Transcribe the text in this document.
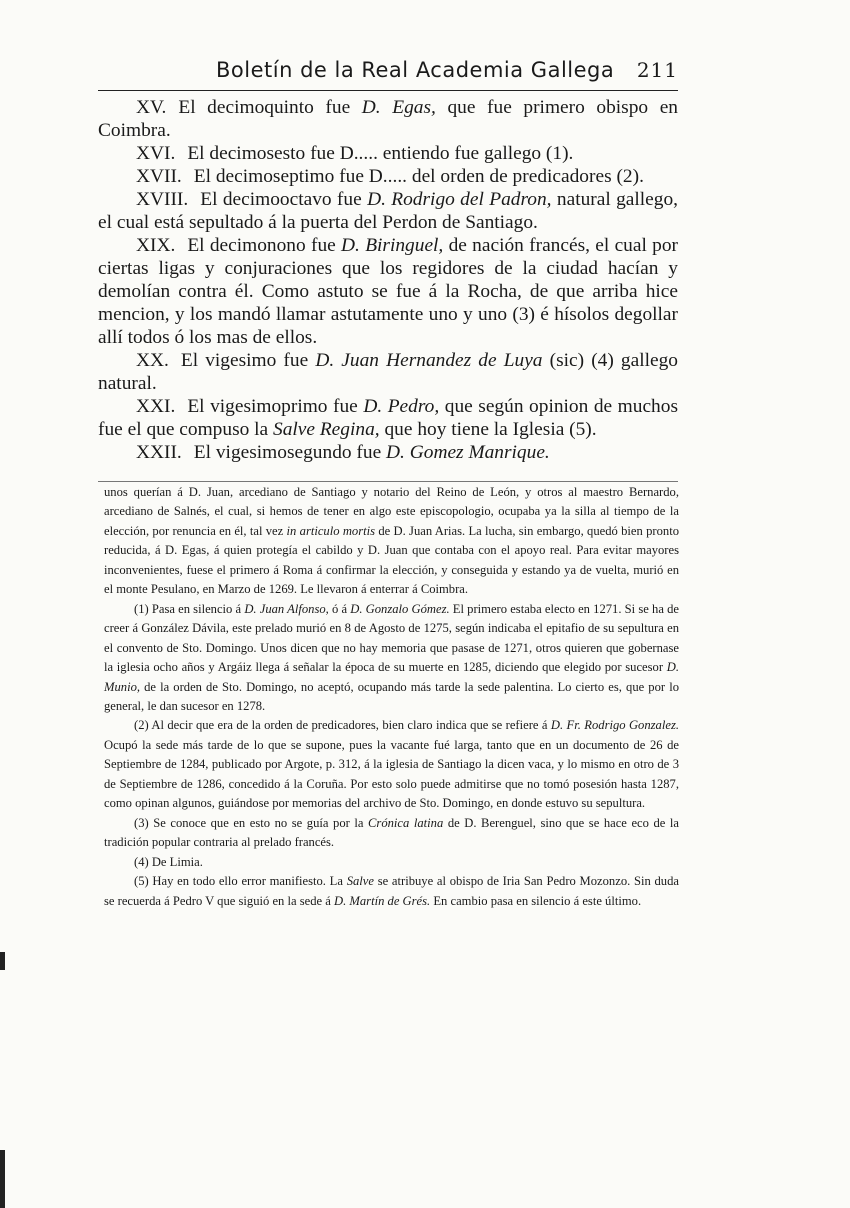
Boletín de la Real Academia Gallega 211

XV. El decimoquinto fue D. Egas, que fue primero obispo en Coimbra.

XVI. El decimosesto fue D..... entiendo fue gallego (1).

XVII. El decimoseptimo fue D..... del orden de predicadores (2).

XVIII. El decimooctavo fue D. Rodrigo del Padron, natural gallego, el cual está sepultado á la puerta del Perdon de Santiago.

XIX. El decimonono fue D. Biringuel, de nación francés, el cual por ciertas ligas y conjuraciones que los regidores de la ciudad hacían y demolían contra él. Como astuto se fue á la Rocha, de que arriba hice mencion, y los mandó llamar astutamente uno y uno (3) é hísolos degollar allí todos ó los mas de ellos.

XX. El vigesimo fue D. Juan Hernandez de Luya (sic) (4) gallego natural.

XXI. El vigesimoprimo fue D. Pedro, que según opinion de muchos fue el que compuso la Salve Regina, que hoy tiene la Iglesia (5).

XXII. El vigesimosegundo fue D. Gomez Manrique.

unos querían á D. Juan, arcediano de Santiago y notario del Reino de León, y otros al maestro Bernardo, arcediano de Salnés, el cual, si hemos de tener en algo este episcopologio, ocupaba ya la silla al tiempo de la elección, por renuncia en él, tal vez in articulo mortis de D. Juan Arias. La lucha, sin embargo, quedó bien pronto reducida, á D. Egas, á quien protegía el cabildo y D. Juan que contaba con el apoyo real. Para evitar mayores inconvenientes, fuese el primero á Roma á confirmar la elección, y conseguida y estando ya de vuelta, murió en el monte Pesulano, en Marzo de 1269. Le llevaron á enterrar á Coimbra.

(1) Pasa en silencio á D. Juan Alfonso, ó á D. Gonzalo Gómez. El primero estaba electo en 1271. Si se ha de creer á González Dávila, este prelado murió en 8 de Agosto de 1275, según indicaba el epitafio de su sepultura en el convento de Sto. Domingo. Unos dicen que no hay memoria que pasase de 1271, otros quieren que gobernase la iglesia ocho años y Argáiz llega á señalar la época de su muerte en 1285, diciendo que elegido por sucesor D. Munio, de la orden de Sto. Domingo, no aceptó, ocupando más tarde la sede palentina. Lo cierto es, que por lo general, le dan sucesor en 1278.

(2) Al decir que era de la orden de predicadores, bien claro indica que se refiere á D. Fr. Rodrigo Gonzalez. Ocupó la sede más tarde de lo que se supone, pues la vacante fué larga, tanto que en un documento de 26 de Septiembre de 1284, publicado por Argote, p. 312, á la iglesia de Santiago la dicen vaca, y lo mismo en otro de 3 de Septiembre de 1286, concedido á la Coruña. Por esto solo puede admitirse que no tomó posesión hasta 1287, como opinan algunos, guiándose por memorias del archivo de Sto. Domingo, en donde estuvo su sepultura.

(3) Se conoce que en esto no se guía por la Crónica latina de D. Berenguel, sino que se hace eco de la tradición popular contraria al prelado francés.

(4) De Limia.

(5) Hay en todo ello error manifiesto. La Salve se atribuye al obispo de Iria San Pedro Mozonzo. Sin duda se recuerda á Pedro V que siguió en la sede á D. Martín de Grés. En cambio pasa en silencio á este último.
